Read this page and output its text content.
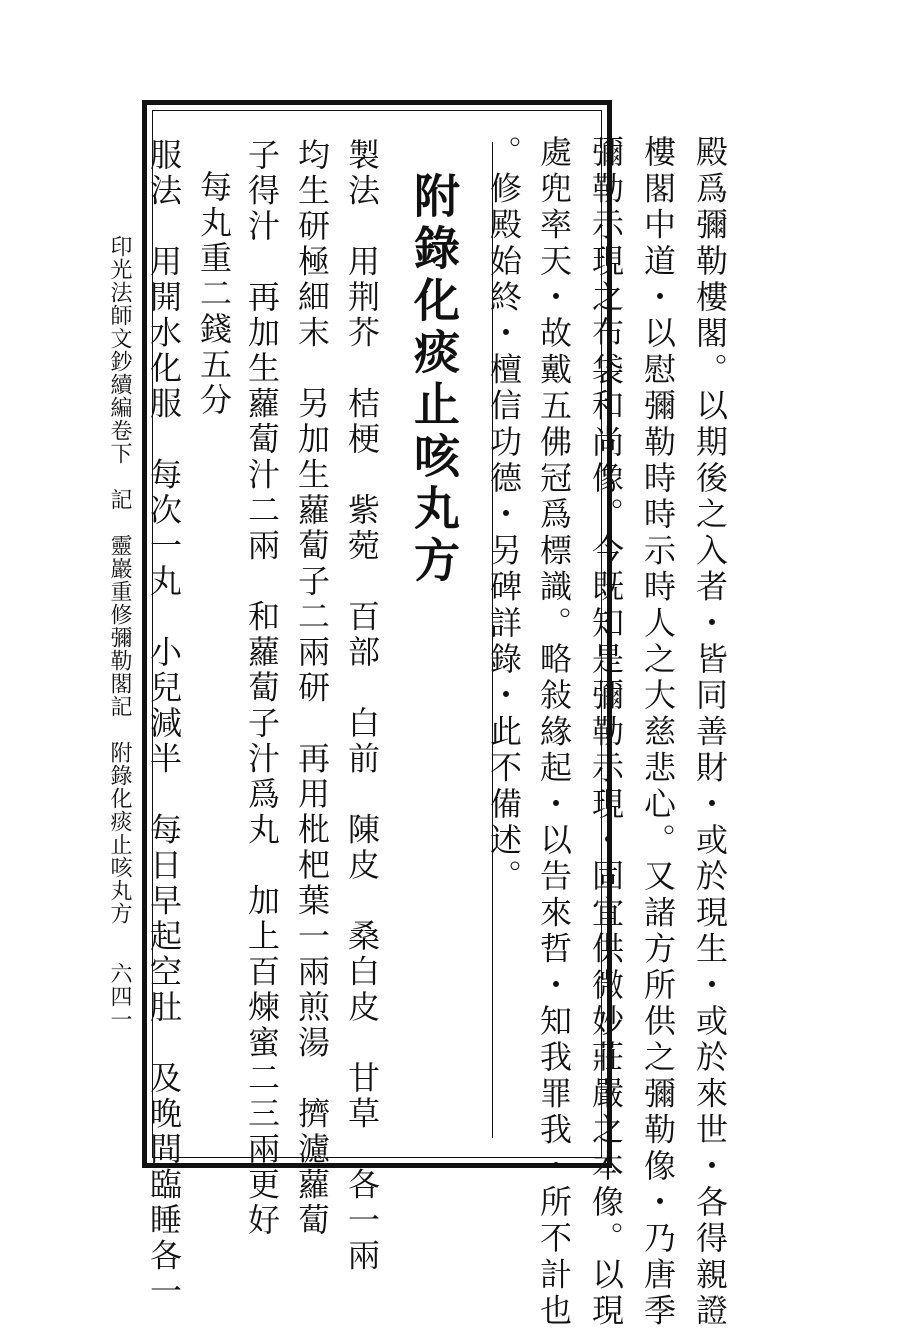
殿爲彌勒樓閣。以期後之入者・皆同善財・或於現生・或於來世・各得親證
樓閣中道・以慰彌勒時時示時人之大慈悲心。又諸方所供之彌勒像・乃唐季
彌勒示現之布袋和尚像。今既知是彌勒示現・固宜供微妙莊嚴之本像。以現
處兜率天・故戴五佛冠爲標識。略敍緣起・以告來哲・知我罪我・所不計也
。修殿始終・檀信功德・另碑詳錄・此不備述。
附錄化痰止咳丸方
製法　用荆芥　桔梗　紫菀　百部　白前　陳皮　桑白皮　甘草　各一兩
均生研極細末　另加生蘿蔔子二兩研　再用枇杷葉一兩煎湯　擠濾蘿蔔
子得汁　再加生蘿蔔汁二兩　和蘿蔔子汁爲丸　加上百煉蜜二三兩更好
每丸重二錢五分
服法　用開水化服　每次一丸　小兒減半　每日早起空肚　及晚間臨睡各一
印光法師文鈔續編卷下　記　靈巖重修彌勒閣記　附錄化痰止咳丸方
六四一
